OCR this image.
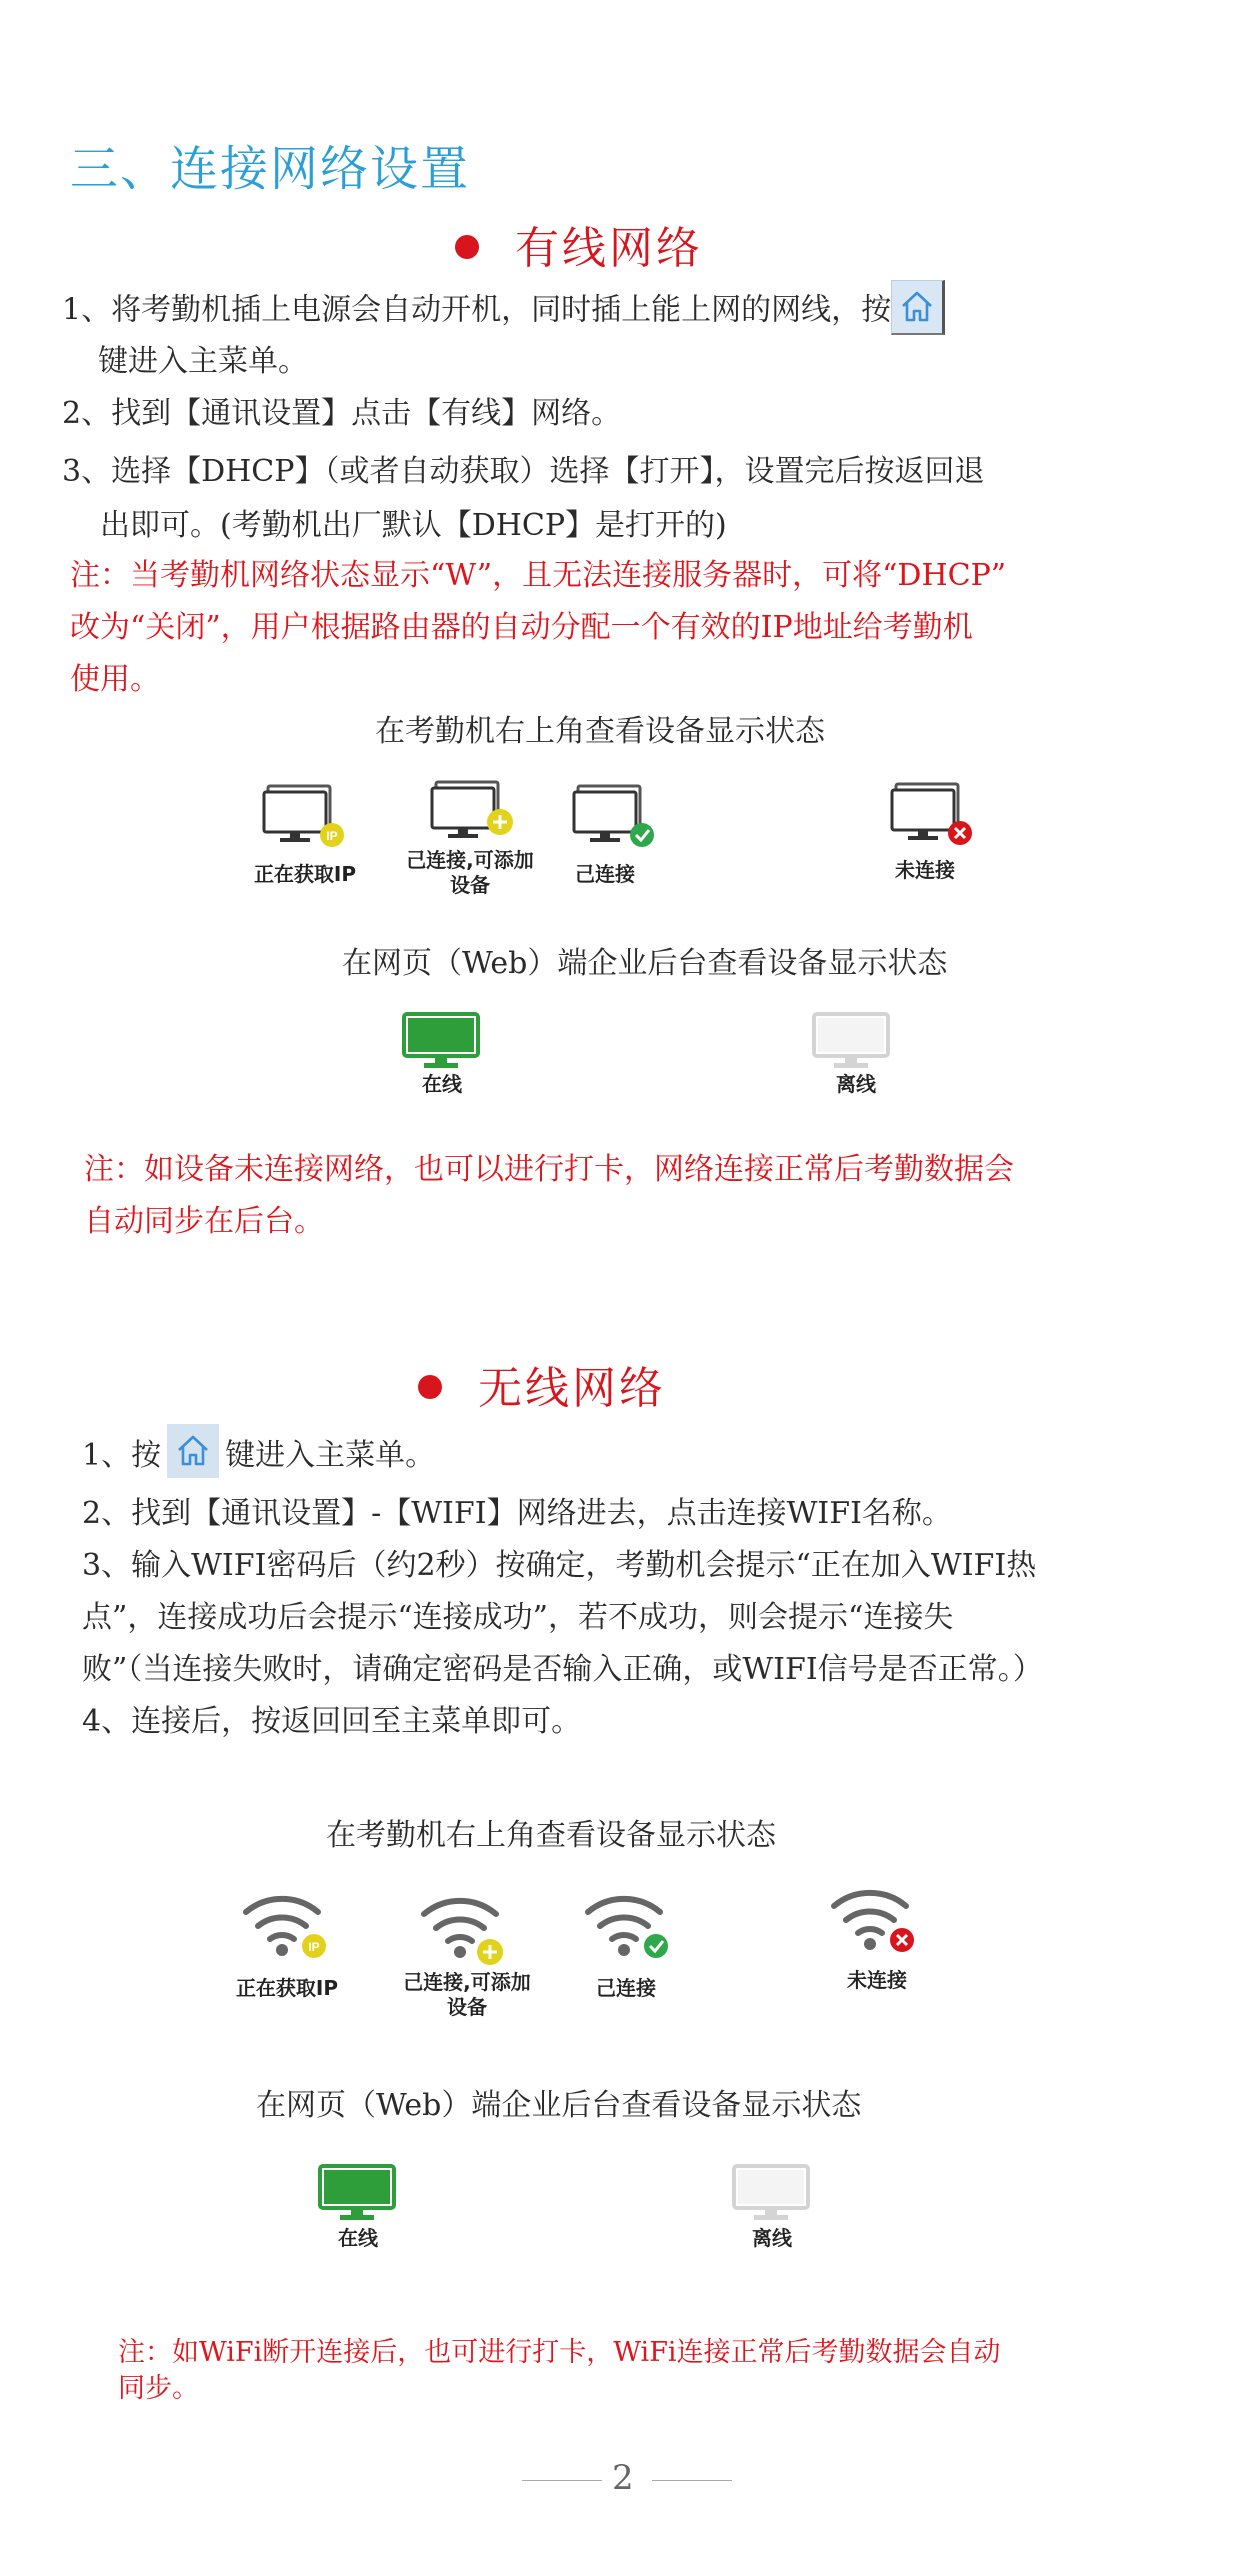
三、连接网络设置
有线网络
1、将考勤机插上电源会自动开机，同时插上能上网的网线，按
键进入主菜单。
2、找到【通讯设置】点击【有线】网络。
3、选择【DHCP】（或者自动获取）选择【打开】，设置完后按返回退
出即可。(考勤机出厂默认【DHCP】是打开的)
注：当考勤机网络状态显示“W”，且无法连接服务器时，可将“DHCP”
改为“关闭”，用户根据路由器的自动分配一个有效的IP地址给考勤机
使用。
在考勤机右上角查看设备显示状态
IP
正在获取IP
己连接,可添加设备	己连接	未连接
在网页（Web）端企业后台查看设备显示状态
在线	离线
注：如设备未连接网络，也可以进行打卡，网络连接正常后考勤数据会
自动同步在后台。
无线网络
1、按 键进入主菜单。
2、找到【通讯设置】-【WIFI】网络进去，点击连接WIFI名称。
3、输入WIFI密码后（约2秒）按确定，考勤机会提示“正在加入WIFI热
点”，连接成功后会提示“连接成功”，若不成功，则会提示“连接失
败”（当连接失败时，请确定密码是否输入正确，或WIFI信号是否正常。）
4、连接后，按返回回至主菜单即可。
在考勤机右上角查看设备显示状态
IP
正在获取IP	己连接,可添加设备
己连接	未连接
在网页（Web）端企业后台查看设备显示状态
在线	离线
注：如WiFi断开连接后，也可进行打卡，WiFi连接正常后考勤数据会自动
同步。
2
